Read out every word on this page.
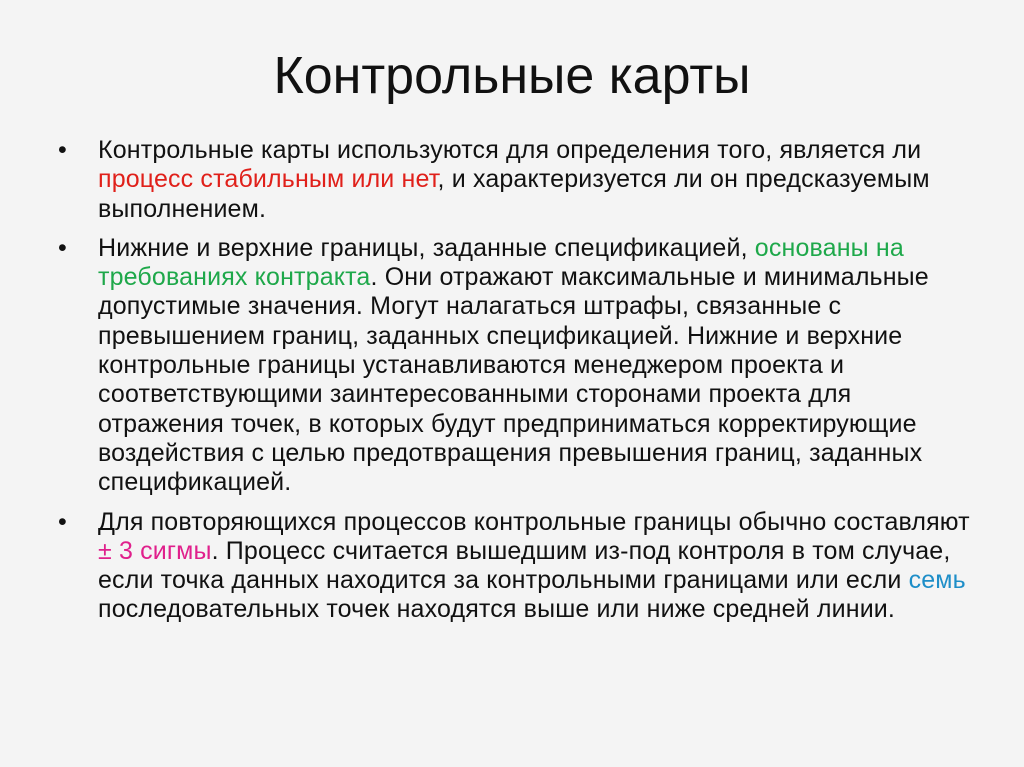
Контрольные карты
•	Контрольные карты используются для определения того, является ли процесс стабильным или нет, и характеризуется ли он предсказуемым выполнением.
•	Нижние и верхние границы, заданные спецификацией, основаны на требованиях контракта. Они отражают максимальные и минимальные допустимые значения. Могут налагаться штрафы, связанные с превышением границ, заданных спецификацией. Нижние и верхние контрольные границы устанавливаются менеджером проекта и соответствующими заинтересованными сторонами проекта для отражения точек, в которых будут предприниматься корректирующие воздействия с целью предотвращения превышения границ, заданных спецификацией.
•	Для повторяющихся процессов контрольные границы обычно составляют ± 3 сигмы. Процесс считается вышедшим из-под контроля в том случае, если точка данных находится за контрольными границами или если семь последовательных точек находятся выше или ниже средней линии.
